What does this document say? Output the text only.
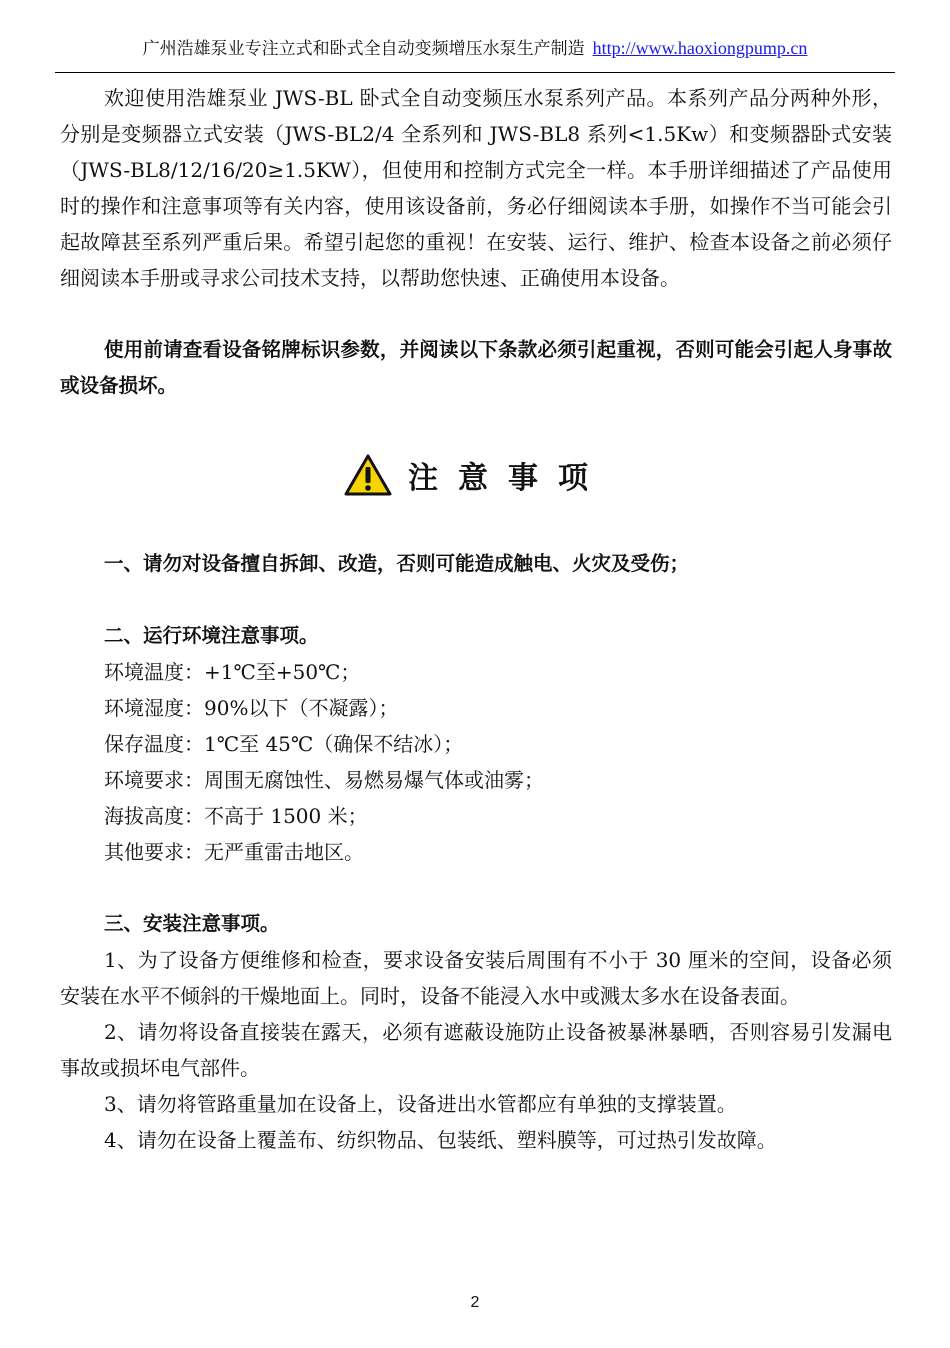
广州浩雄泵业专注立式和卧式全自动变频增压水泵生产制造 http://www.haoxiongpump.cn

欢迎使用浩雄泵业 JWS-BL 卧式全自动变频压水泵系列产品。本系列产品分两种外形，分别是变频器立式安装（JWS-BL2/4 全系列和 JWS-BL8 系列<1.5Kw）和变频器卧式安装（JWS-BL8/12/16/20≥1.5KW），但使用和控制方式完全一样。本手册详细描述了产品使用时的操作和注意事项等有关内容，使用该设备前，务必仔细阅读本手册，如操作不当可能会引起故障甚至系列严重后果。希望引起您的重视！在安装、运行、维护、检查本设备之前必须仔细阅读本手册或寻求公司技术支持，以帮助您快速、正确使用本设备。

使用前请查看设备铭牌标识参数，并阅读以下条款必须引起重视，否则可能会引起人身事故或设备损坏。

注意事项

一、请勿对设备擅自拆卸、改造，否则可能造成触电、火灾及受伤；

二、运行环境注意事项。

环境温度：+1℃至+50℃；

环境湿度：90%以下（不凝露）；

保存温度：1℃至 45℃（确保不结冰）；

环境要求：周围无腐蚀性、易燃易爆气体或油雾；

海拔高度：不高于 1500 米；

其他要求：无严重雷击地区。

三、安装注意事项。

1、为了设备方便维修和检查，要求设备安装后周围有不小于 30 厘米的空间，设备必须安装在水平不倾斜的干燥地面上。同时，设备不能浸入水中或溅太多水在设备表面。

2、请勿将设备直接装在露天，必须有遮蔽设施防止设备被暴淋暴晒，否则容易引发漏电事故或损坏电气部件。

3、请勿将管路重量加在设备上，设备进出水管都应有单独的支撑装置。

4、请勿在设备上覆盖布、纺织物品、包装纸、塑料膜等，可过热引发故障。

2
